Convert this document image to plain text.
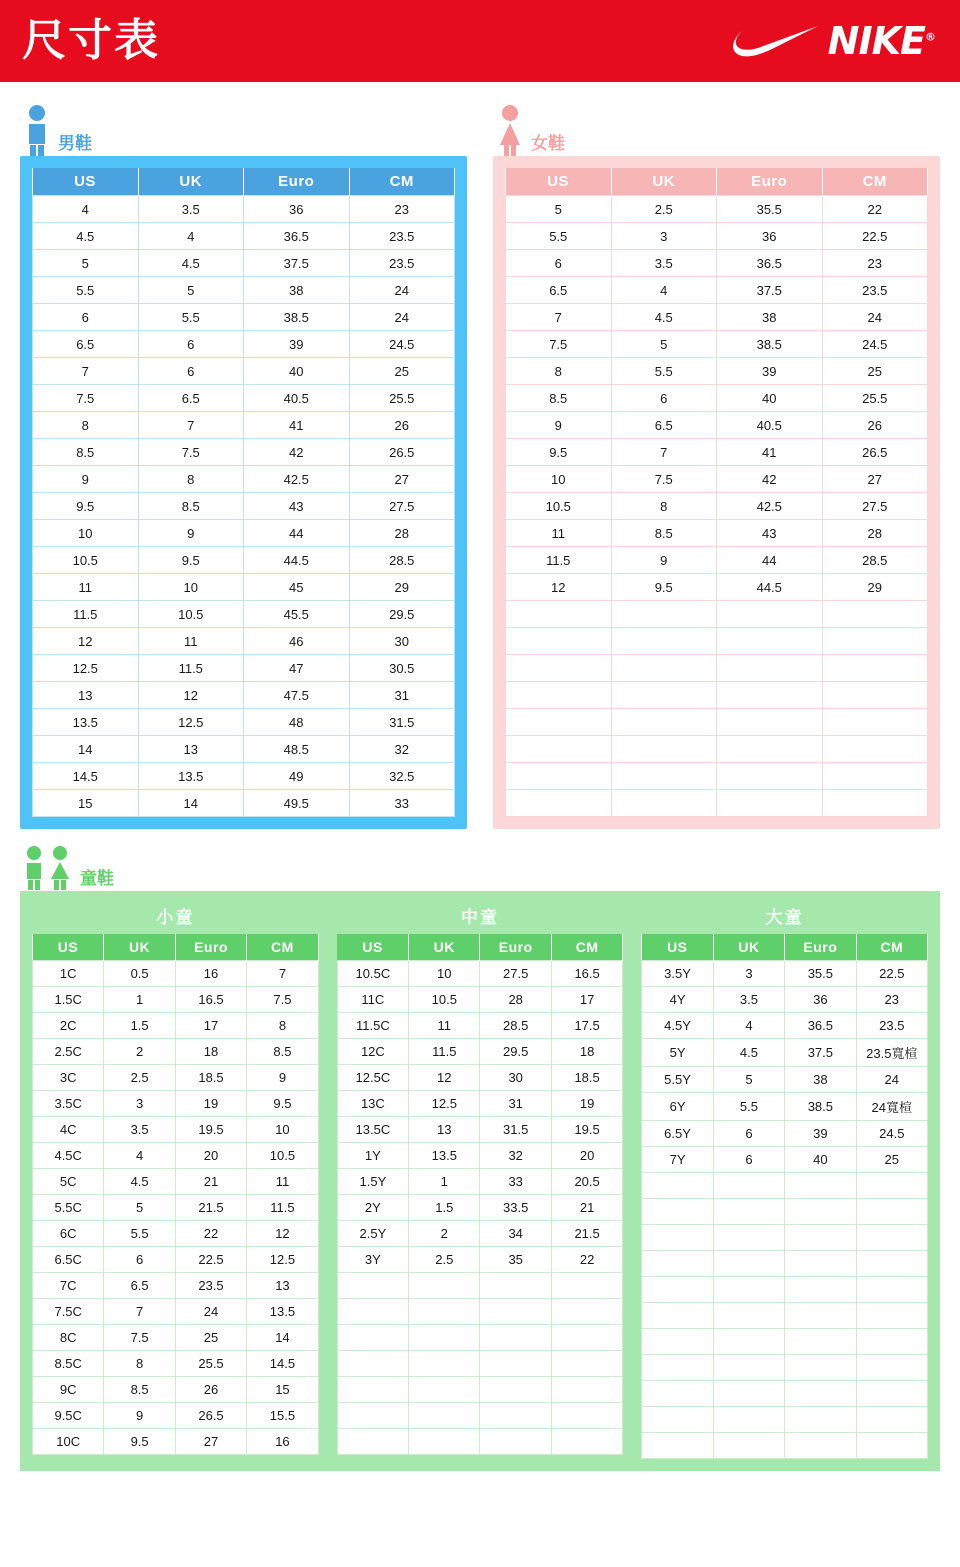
尺寸表	NIKE®
男鞋
US	UK	Euro	CM
4	3.5	36	23
4.5	4	36.5	23.5
5	4.5	37.5	23.5
5.5	5	38	24
6	5.5	38.5	24
6.5	6	39	24.5
7	6	40	25
7.5	6.5	40.5	25.5
8	7	41	26
8.5	7.5	42	26.5
9	8	42.5	27
9.5	8.5	43	27.5
10	9	44	28
10.5	9.5	44.5	28.5
11	10	45	29
11.5	10.5	45.5	29.5
12	11	46	30
12.5	11.5	47	30.5
13	12	47.5	31
13.5	12.5	48	31.5
14	13	48.5	32
14.5	13.5	49	32.5
15	14	49.5	33
女鞋
US	UK	Euro	CM
5	2.5	35.5	22
5.5	3	36	22.5
6	3.5	36.5	23
6.5	4	37.5	23.5
7	4.5	38	24
7.5	5	38.5	24.5
8	5.5	39	25
8.5	6	40	25.5
9	6.5	40.5	26
9.5	7	41	26.5
10	7.5	42	27
10.5	8	42.5	27.5
11	8.5	43	28
11.5	9	44	28.5
12	9.5	44.5	29

童鞋
小童
US	UK	Euro	CM
1C	0.5	16	7
1.5C	1	16.5	7.5
2C	1.5	17	8
2.5C	2	18	8.5
3C	2.5	18.5	9
3.5C	3	19	9.5
4C	3.5	19.5	10
4.5C	4	20	10.5
5C	4.5	21	11
5.5C	5	21.5	11.5
6C	5.5	22	12
6.5C	6	22.5	12.5
7C	6.5	23.5	13
7.5C	7	24	13.5
8C	7.5	25	14
8.5C	8	25.5	14.5
9C	8.5	26	15
9.5C	9	26.5	15.5
10C	9.5	27	16
中童
US	UK	Euro	CM
10.5C	10	27.5	16.5
11C	10.5	28	17
11.5C	11	28.5	17.5
12C	11.5	29.5	18
12.5C	12	30	18.5
13C	12.5	31	19
13.5C	13	31.5	19.5
1Y	13.5	32	20
1.5Y	1	33	20.5
2Y	1.5	33.5	21
2.5Y	2	34	21.5
3Y	2.5	35	22

大童
US	UK	Euro	CM
3.5Y	3	35.5	22.5
4Y	3.5	36	23
4.5Y	4	36.5	23.5
5Y	4.5	37.5	23.5寬楦
5.5Y	5	38	24
6Y	5.5	38.5	24寬楦
6.5Y	6	39	24.5
7Y	6	40	25
